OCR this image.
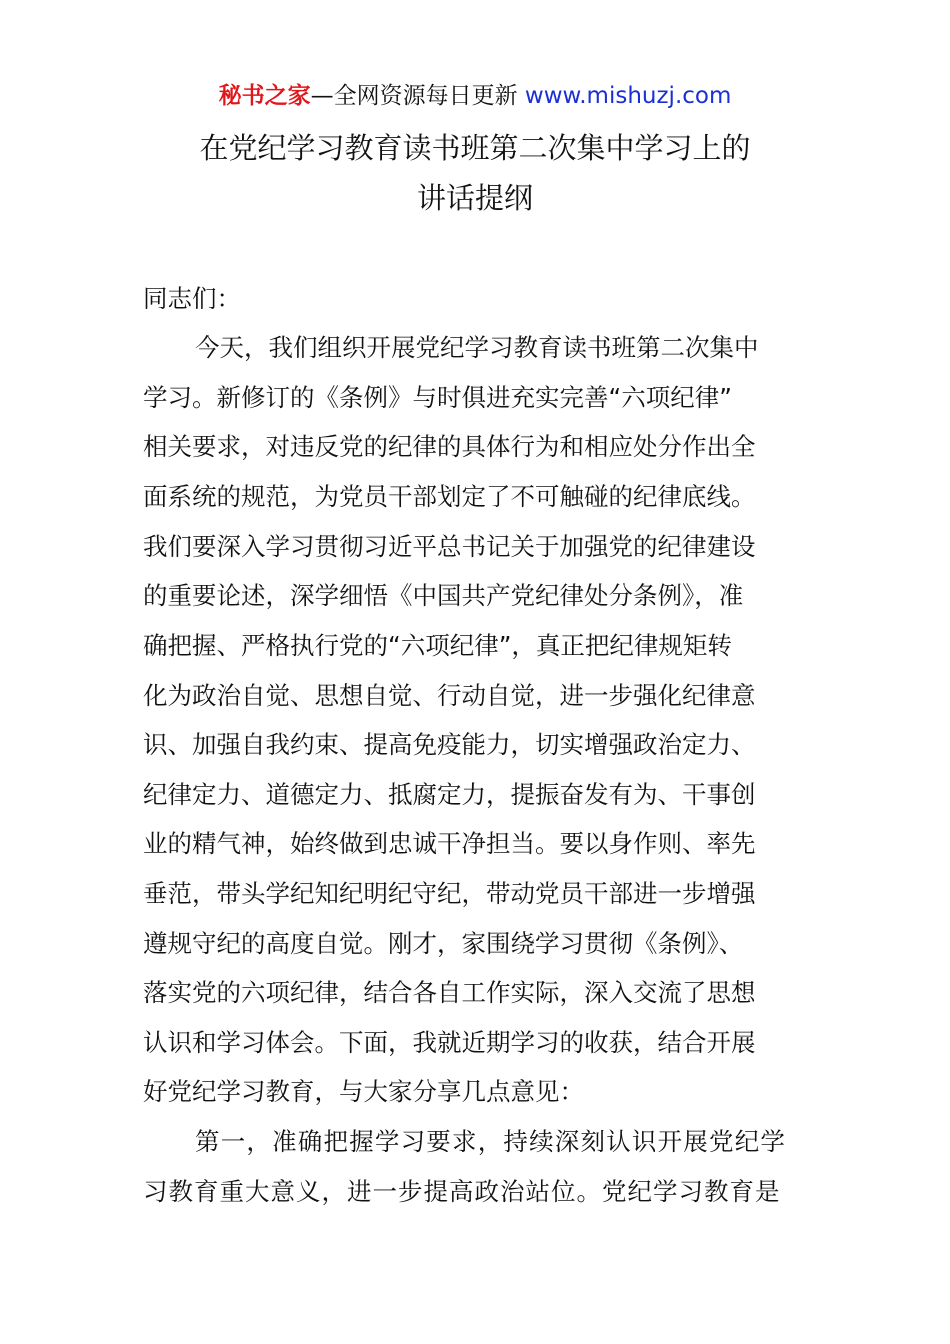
秘书之家—全网资源每日更新 www.mishuzj.com
在党纪学习教育读书班第二次集中学习上的
讲话提纲
同志们：
今天，我们组织开展党纪学习教育读书班第二次集中
学习。新修订的《条例》与时俱进充实完善“六项纪律”
相关要求，对违反党的纪律的具体行为和相应处分作出全
面系统的规范，为党员干部划定了不可触碰的纪律底线。
我们要深入学习贯彻习近平总书记关于加强党的纪律建设
的重要论述，深学细悟《中国共产党纪律处分条例》，准
确把握、严格执行党的“六项纪律”，真正把纪律规矩转
化为政治自觉、思想自觉、行动自觉，进一步强化纪律意
识、加强自我约束、提高免疫能力，切实增强政治定力、
纪律定力、道德定力、抵腐定力，提振奋发有为、干事创
业的精气神，始终做到忠诚干净担当。要以身作则、率先
垂范，带头学纪知纪明纪守纪，带动党员干部进一步增强
遵规守纪的高度自觉。刚才，家围绕学习贯彻《条例》、
落实党的六项纪律，结合各自工作实际，深入交流了思想
认识和学习体会。下面，我就近期学习的收获，结合开展
好党纪学习教育，与大家分享几点意见：
第一，准确把握学习要求，持续深刻认识开展党纪学
习教育重大意义，进一步提高政治站位。党纪学习教育是
